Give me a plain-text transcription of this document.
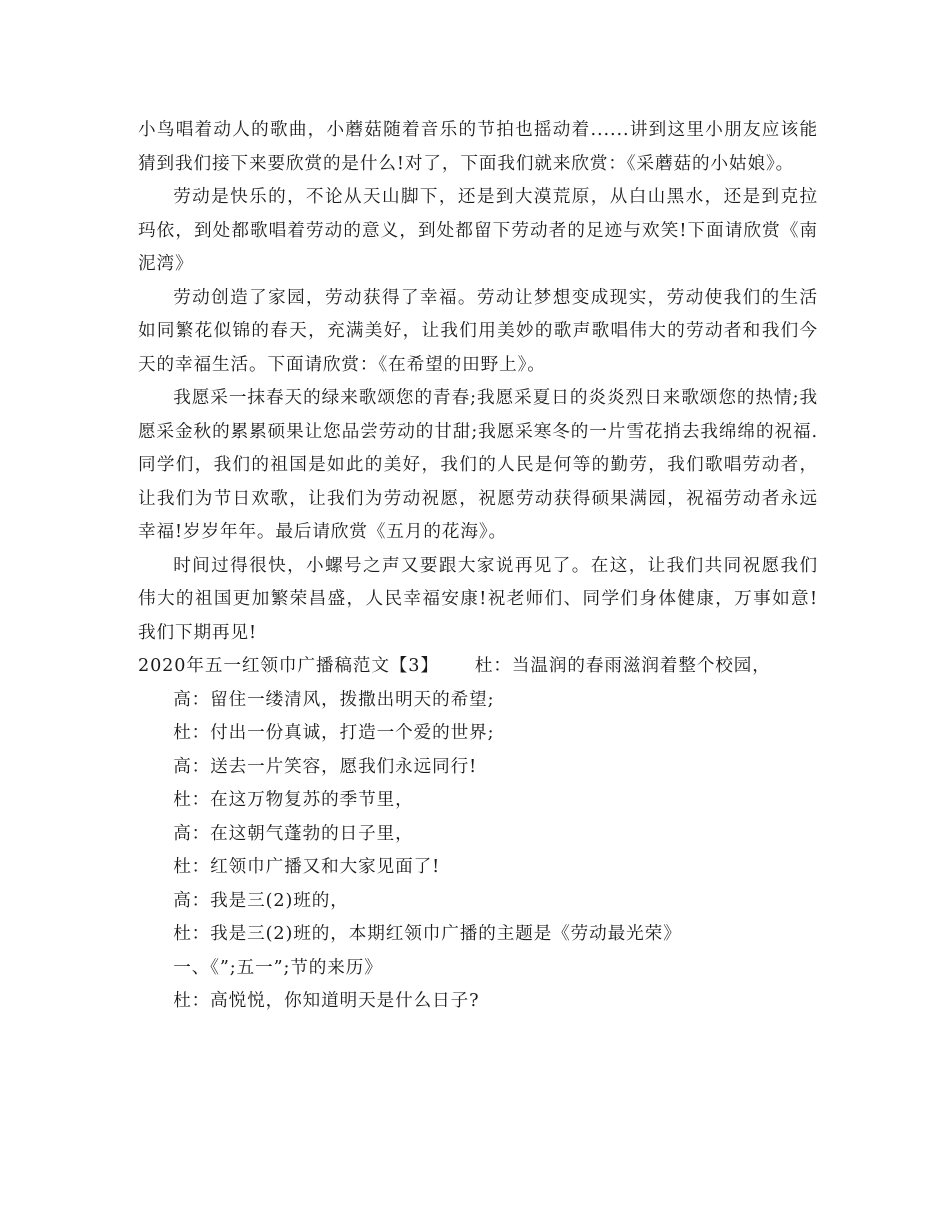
小鸟唱着动人的歌曲，小蘑菇随着音乐的节拍也摇动着......讲到这里小朋友应该能猜到我们接下来要欣赏的是什么!对了，下面我们就来欣赏：《采蘑菇的小姑娘》。

劳动是快乐的，不论从天山脚下，还是到大漠荒原，从白山黑水，还是到克拉玛依，到处都歌唱着劳动的意义，到处都留下劳动者的足迹与欢笑!下面请欣赏《南泥湾》

劳动创造了家园，劳动获得了幸福。劳动让梦想变成现实，劳动使我们的生活如同繁花似锦的春天，充满美好，让我们用美妙的歌声歌唱伟大的劳动者和我们今天的幸福生活。下面请欣赏：《在希望的田野上》。

我愿采一抹春天的绿来歌颂您的青春;我愿采夏日的炎炎烈日来歌颂您的热情;我愿采金秋的累累硕果让您品尝劳动的甘甜;我愿采寒冬的一片雪花捎去我绵绵的祝福.同学们，我们的祖国是如此的美好，我们的人民是何等的勤劳，我们歌唱劳动者，让我们为节日欢歌，让我们为劳动祝愿，祝愿劳动获得硕果满园，祝福劳动者永远幸福!岁岁年年。最后请欣赏《五月的花海》。

时间过得很快，小螺号之声又要跟大家说再见了。在这，让我们共同祝愿我们伟大的祖国更加繁荣昌盛，人民幸福安康!祝老师们、同学们身体健康，万事如意!我们下期再见!

2020年五一红领巾广播稿范文【3】 杜：当温润的春雨滋润着整个校园，

高：留住一缕清风，拨撒出明天的希望;

杜：付出一份真诚，打造一个爱的世界;

高：送去一片笑容，愿我们永远同行!

杜：在这万物复苏的季节里，

高：在这朝气蓬勃的日子里，

杜：红领巾广播又和大家见面了!

高：我是三(2)班的，

杜：我是三(2)班的，本期红领巾广播的主题是《劳动最光荣》

一、《”;五一”;节的来历》

杜：高悦悦，你知道明天是什么日子?
